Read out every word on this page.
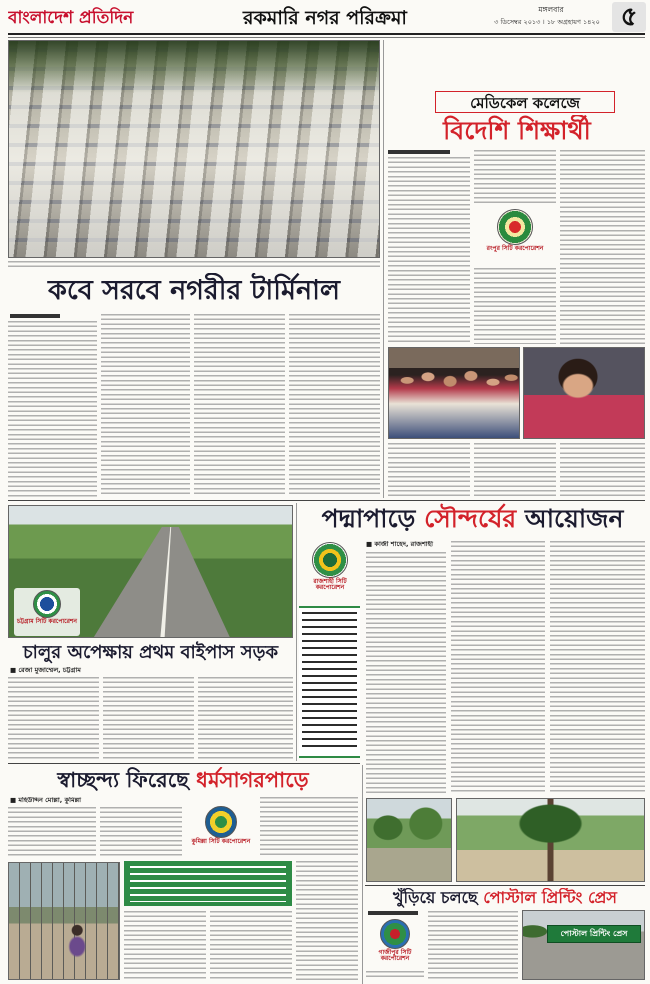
বাংলাদেশ প্রতিদিন	রকমারি নগর পরিক্রমা	মঙ্গলবার
৩ ডিসেম্বর ২০১৩ । ১৮ অগ্রহায়ণ ১৪২০ ৫
কবে সরবে নগরীর টার্মিনাল
মেডিকেল কলেজে
বিদেশি শিক্ষার্থী
রংপুর সিটি করপোরেশন
চট্টগ্রাম সিটি করপোরেশন
চালুর অপেক্ষায় প্রথম বাইপাস সড়ক
■ রেজা মুজাম্মেল, চট্টগ্রাম
পদ্মাপাড়ে সৌন্দর্যের আয়োজন
রাজশাহী সিটি করপোরেশন
■ কাজী শাহেদ, রাজশাহী
স্বাচ্ছন্দ্য ফিরেছে ধর্মসাগরপাড়ে
■ মহিউদ্দিন মোল্লা, কুমিল্লা
কুমিল্লা সিটি করপোরেশন
খুঁড়িয়ে চলছে পোস্টাল প্রিন্টিং প্রেস
গাজীপুর সিটি করপোরেশন
পোস্টাল প্রিন্টিং প্রেস
